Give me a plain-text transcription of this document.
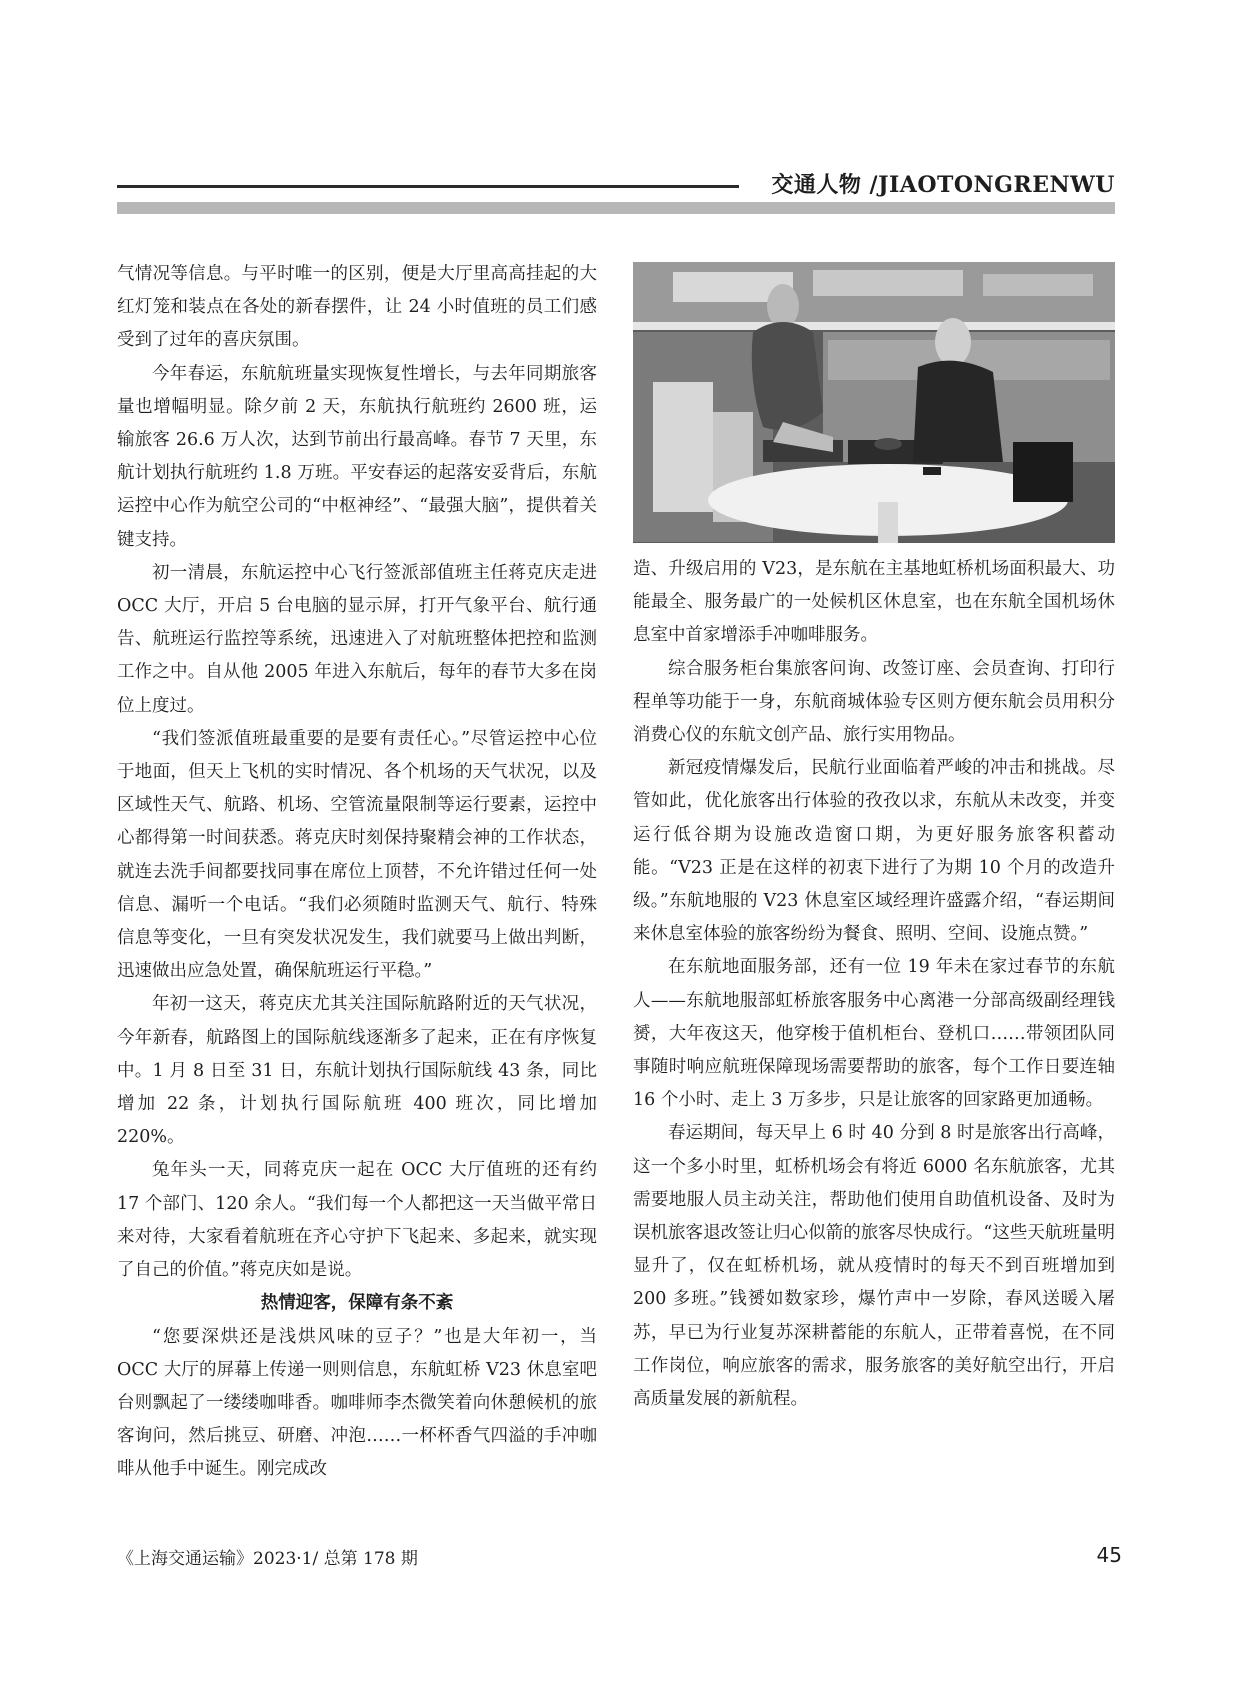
交通人物 /JIAOTONGRENWU

气情况等信息。与平时唯一的区别，便是大厅里高高挂起的大红灯笼和装点在各处的新春摆件，让 24 小时值班的员工们感受到了过年的喜庆氛围。

今年春运，东航航班量实现恢复性增长，与去年同期旅客量也增幅明显。除夕前 2 天，东航执行航班约 2600 班，运输旅客 26.6 万人次，达到节前出行最高峰。春节 7 天里，东航计划执行航班约 1.8 万班。平安春运的起落安妥背后，东航运控中心作为航空公司的“中枢神经”、“最强大脑”，提供着关键支持。

初一清晨，东航运控中心飞行签派部值班主任蒋克庆走进 OCC 大厅，开启 5 台电脑的显示屏，打开气象平台、航行通告、航班运行监控等系统，迅速进入了对航班整体把控和监测工作之中。自从他 2005 年进入东航后，每年的春节大多在岗位上度过。

“我们签派值班最重要的是要有责任心。”尽管运控中心位于地面，但天上飞机的实时情况、各个机场的天气状况，以及区域性天气、航路、机场、空管流量限制等运行要素，运控中心都得第一时间获悉。蒋克庆时刻保持聚精会神的工作状态，就连去洗手间都要找同事在席位上顶替，不允许错过任何一处信息、漏听一个电话。“我们必须随时监测天气、航行、特殊信息等变化，一旦有突发状况发生，我们就要马上做出判断，迅速做出应急处置，确保航班运行平稳。”

年初一这天，蒋克庆尤其关注国际航路附近的天气状况，今年新春，航路图上的国际航线逐渐多了起来，正在有序恢复中。1 月 8 日至 31 日，东航计划执行国际航线 43 条，同比增加 22 条，计划执行国际航班 400 班次，同比增加 220%。

兔年头一天，同蒋克庆一起在 OCC 大厅值班的还有约 17 个部门、120 余人。“我们每一个人都把这一天当做平常日来对待，大家看着航班在齐心守护下飞起来、多起来，就实现了自己的价值。”蒋克庆如是说。

热情迎客，保障有条不紊

“您要深烘还是浅烘风味的豆子？”也是大年初一，当 OCC 大厅的屏幕上传递一则则信息，东航虹桥 V23 休息室吧台则飘起了一缕缕咖啡香。咖啡师李杰微笑着向休憩候机的旅客询问，然后挑豆、研磨、冲泡……一杯杯香气四溢的手冲咖啡从他手中诞生。刚完成改

造、升级启用的 V23，是东航在主基地虹桥机场面积最大、功能最全、服务最广的一处候机区休息室，也在东航全国机场休息室中首家增添手冲咖啡服务。

综合服务柜台集旅客问询、改签订座、会员查询、打印行程单等功能于一身，东航商城体验专区则方便东航会员用积分消费心仪的东航文创产品、旅行实用物品。

新冠疫情爆发后，民航行业面临着严峻的冲击和挑战。尽管如此，优化旅客出行体验的孜孜以求，东航从未改变，并变运行低谷期为设施改造窗口期，为更好服务旅客积蓄动能。“V23 正是在这样的初衷下进行了为期 10 个月的改造升级。”东航地服的 V23 休息室区域经理许盛露介绍，“春运期间来休息室体验的旅客纷纷为餐食、照明、空间、设施点赞。”

在东航地面服务部，还有一位 19 年未在家过春节的东航人——东航地服部虹桥旅客服务中心离港一分部高级副经理钱赟，大年夜这天，他穿梭于值机柜台、登机口……带领团队同事随时响应航班保障现场需要帮助的旅客，每个工作日要连轴 16 个小时、走上 3 万多步，只是让旅客的回家路更加通畅。

春运期间，每天早上 6 时 40 分到 8 时是旅客出行高峰，这一个多小时里，虹桥机场会有将近 6000 名东航旅客，尤其需要地服人员主动关注，帮助他们使用自助值机设备、及时为误机旅客退改签让归心似箭的旅客尽快成行。“这些天航班量明显升了，仅在虹桥机场，就从疫情时的每天不到百班增加到 200 多班。”钱赟如数家珍，爆竹声中一岁除，春风送暖入屠苏，早已为行业复苏深耕蓄能的东航人，正带着喜悦，在不同工作岗位，响应旅客的需求，服务旅客的美好航空出行，开启高质量发展的新航程。

《上海交通运输》2023·1/ 总第 178 期	45
